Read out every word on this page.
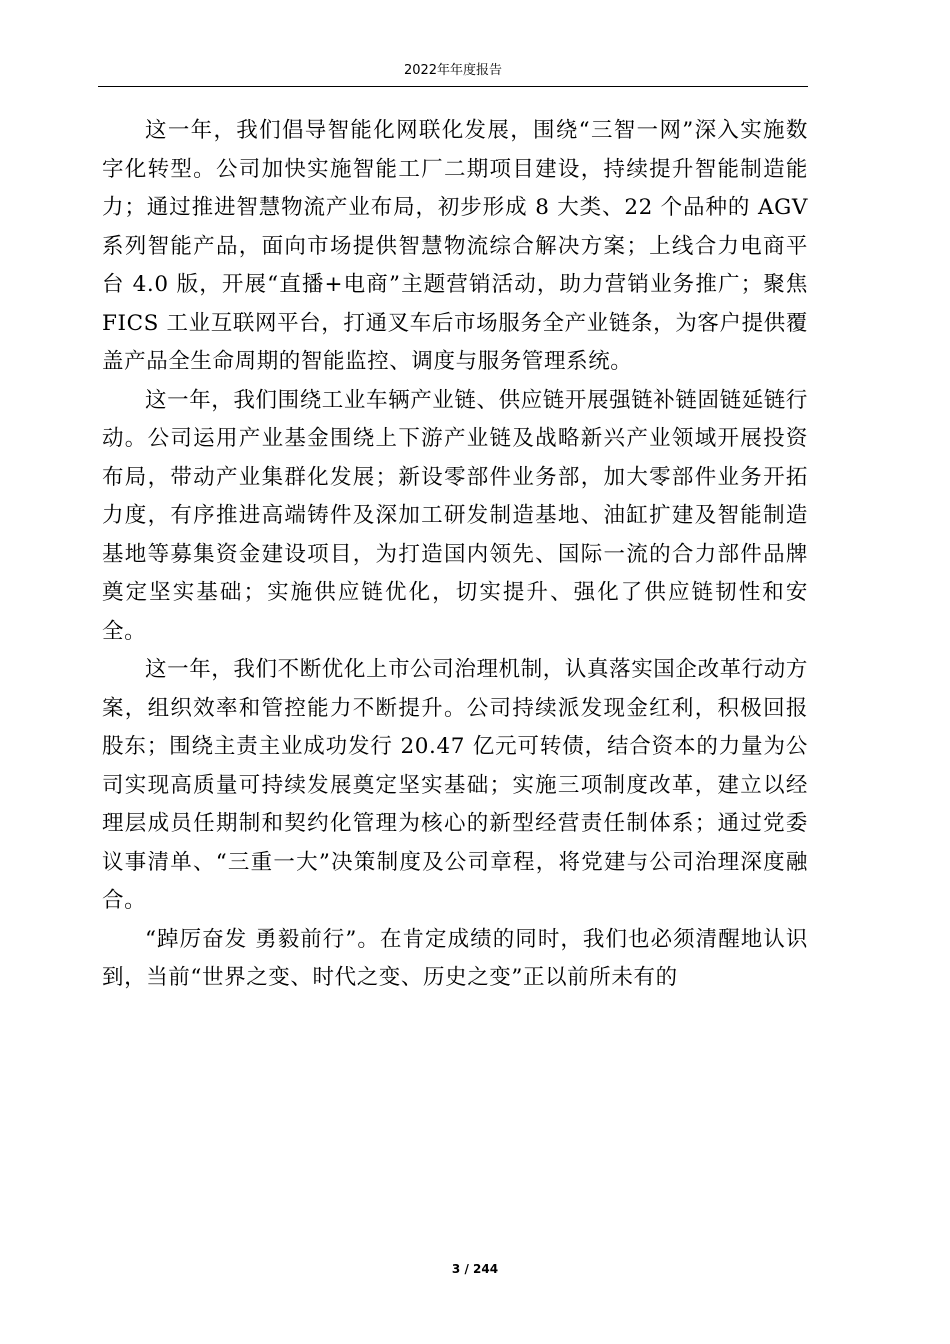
2022年年度报告

这一年，我们倡导智能化网联化发展，围绕“三智一网”深入实施数字化转型。公司加快实施智能工厂二期项目建设，持续提升智能制造能力；通过推进智慧物流产业布局，初步形成 8 大类、22 个品种的 AGV 系列智能产品，面向市场提供智慧物流综合解决方案；上线合力电商平台 4.0 版，开展“直播+电商”主题营销活动，助力营销业务推广；聚焦 FICS 工业互联网平台，打通叉车后市场服务全产业链条，为客户提供覆盖产品全生命周期的智能监控、调度与服务管理系统。

这一年，我们围绕工业车辆产业链、供应链开展强链补链固链延链行动。公司运用产业基金围绕上下游产业链及战略新兴产业领域开展投资布局，带动产业集群化发展；新设零部件业务部，加大零部件业务开拓力度，有序推进高端铸件及深加工研发制造基地、油缸扩建及智能制造基地等募集资金建设项目，为打造国内领先、国际一流的合力部件品牌奠定坚实基础；实施供应链优化，切实提升、强化了供应链韧性和安全。

这一年，我们不断优化上市公司治理机制，认真落实国企改革行动方案，组织效率和管控能力不断提升。公司持续派发现金红利，积极回报股东；围绕主责主业成功发行 20.47 亿元可转债，结合资本的力量为公司实现高质量可持续发展奠定坚实基础；实施三项制度改革，建立以经理层成员任期制和契约化管理为核心的新型经营责任制体系；通过党委议事清单、“三重一大”决策制度及公司章程，将党建与公司治理深度融合。

“踔厉奋发 勇毅前行”。在肯定成绩的同时，我们也必须清醒地认识到，当前“世界之变、时代之变、历史之变”正以前所未有的

3 / 244
